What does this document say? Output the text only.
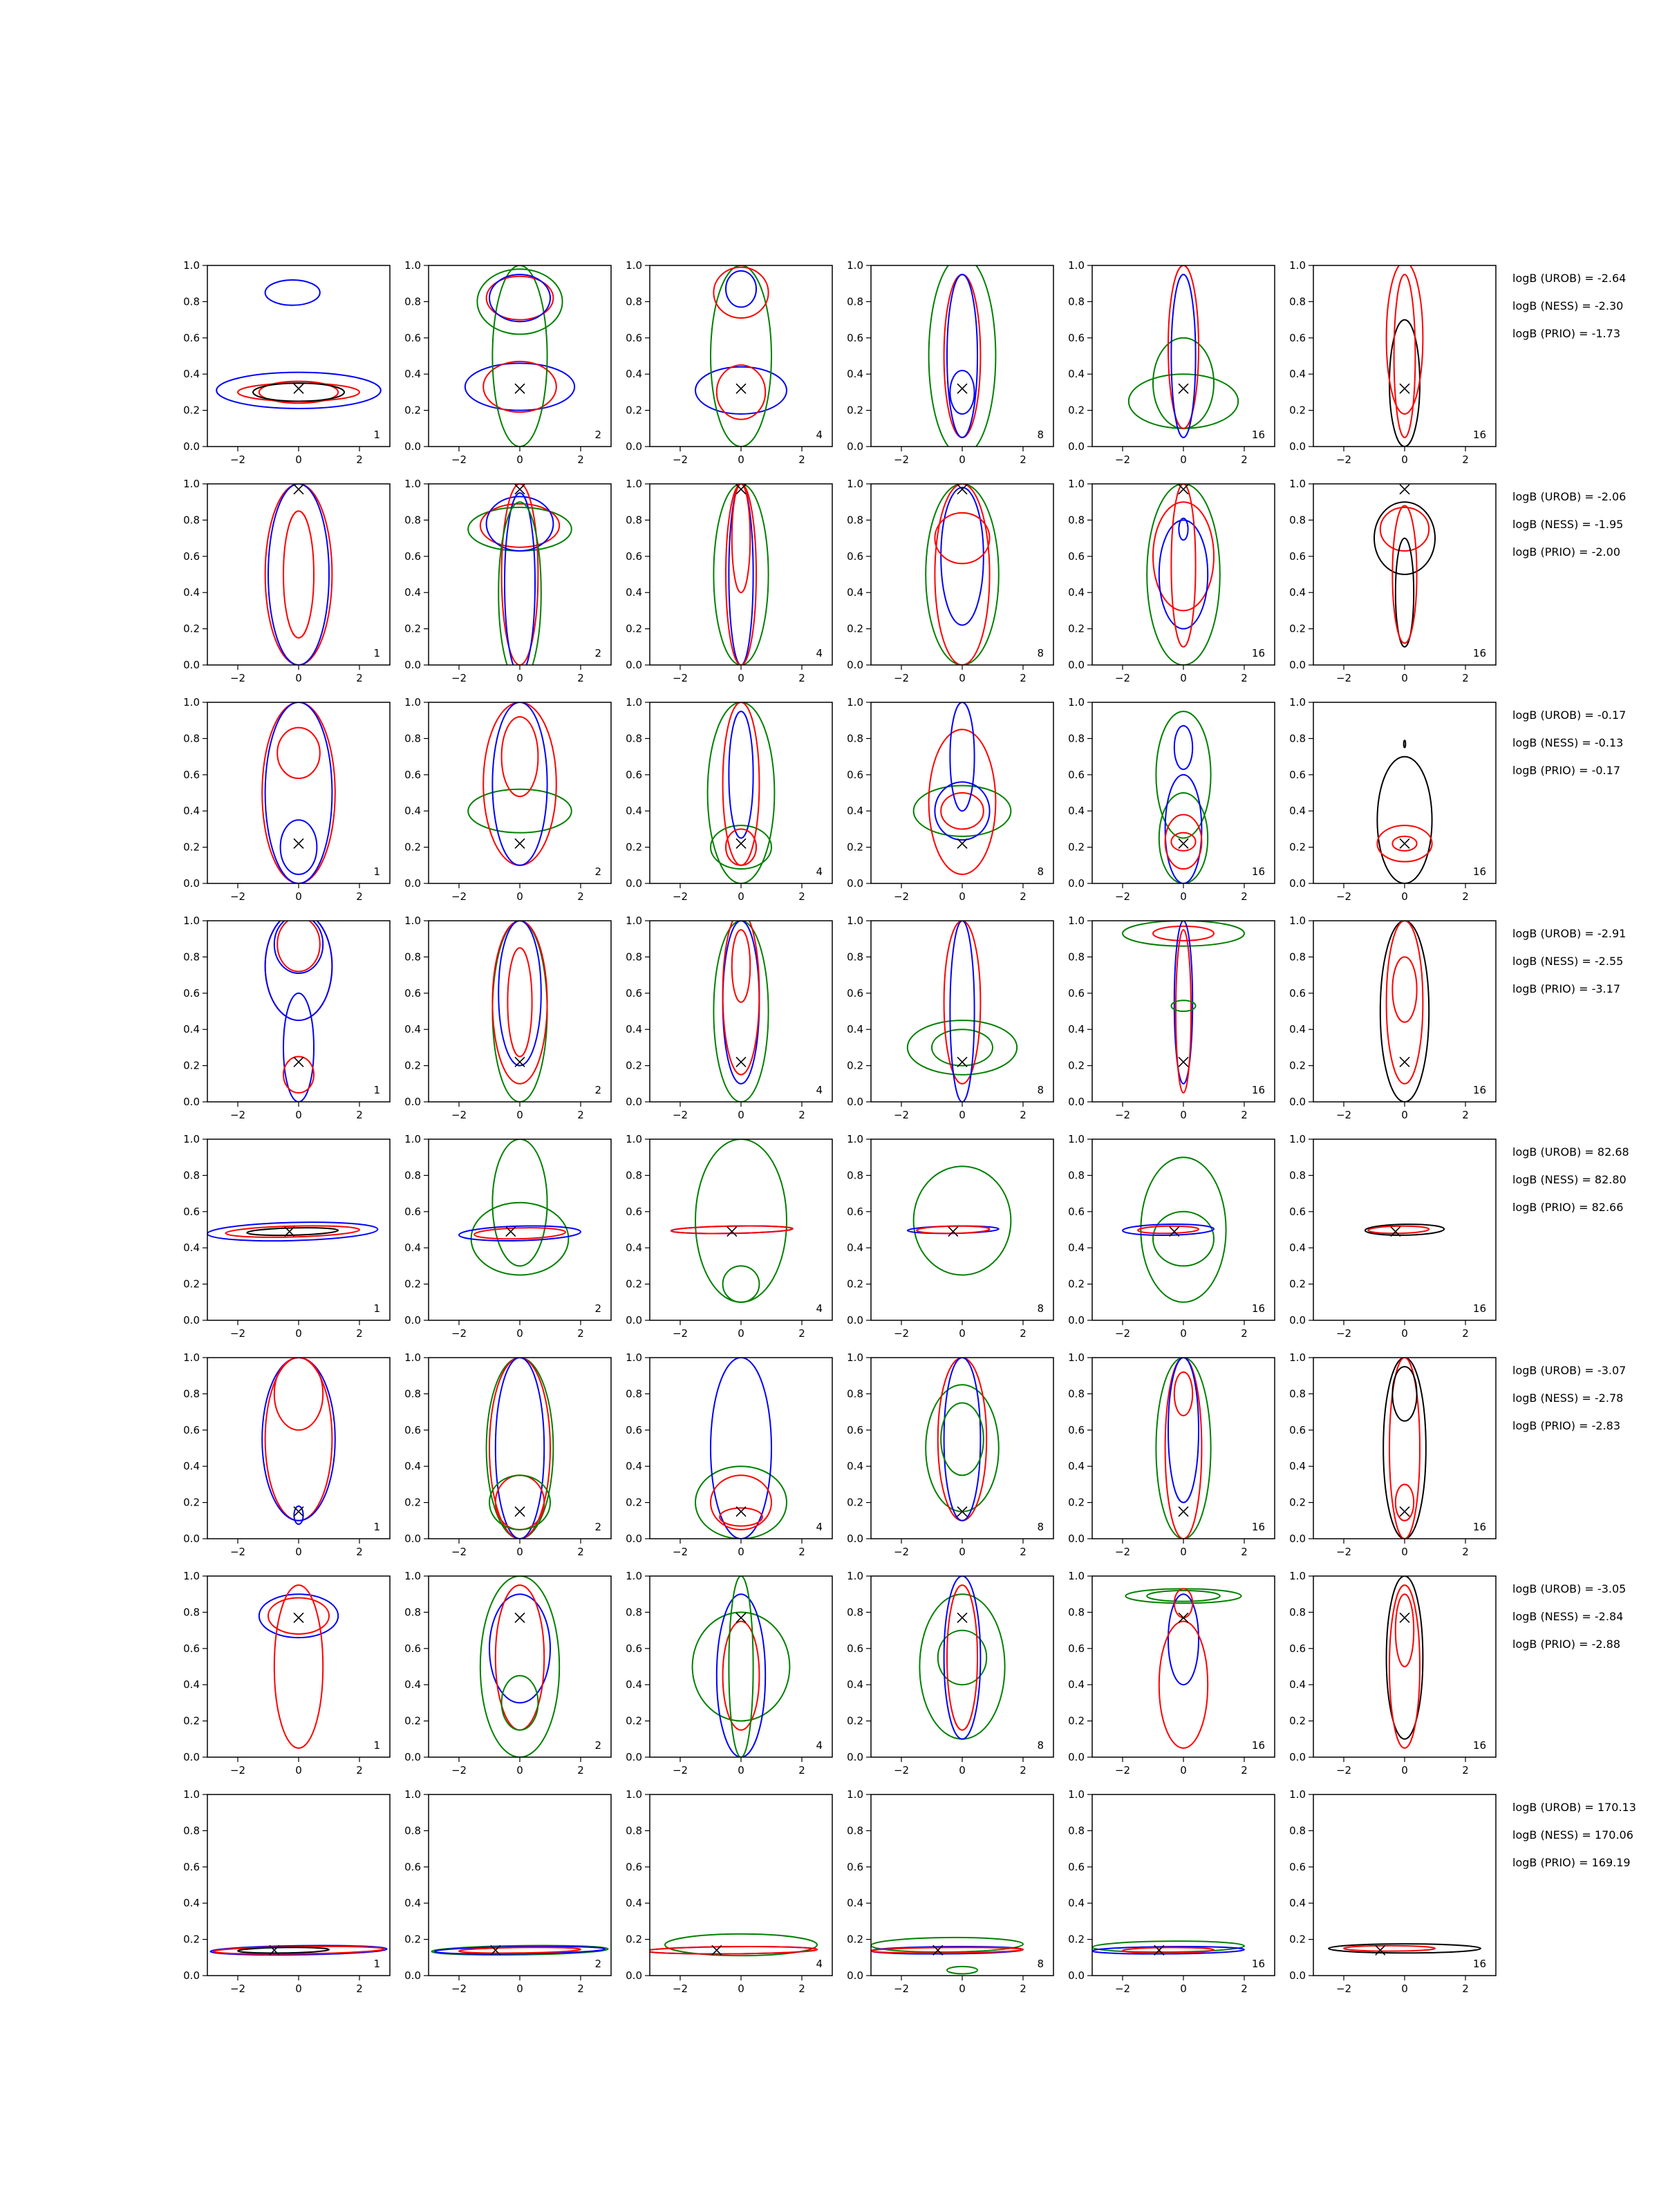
−2	0	2
0.0
0.2
0.4
0.6
0.8
1.0
1
−2	0	2
0.0
0.2
0.4
0.6
0.8
1.0
2
−2	0	2
0.0
0.2
0.4
0.6
0.8
1.0
4
−2	0	2
0.0
0.2
0.4
0.6
0.8
1.0
8
−2	0	2
0.0
0.2
0.4
0.6
0.8
1.0
16
−2	0	2
0.0
0.2
0.4
0.6
0.8
1.0
16
logB (UROB) = -2.64
logB (NESS) = -2.30
logB (PRIO) = -1.73
−2	0	2
0.0
0.2
0.4
0.6
0.8
1.0
1
−2	0	2
0.0
0.2
0.4
0.6
0.8
1.0
2
−2	0	2
0.0
0.2
0.4
0.6
0.8
1.0
4
−2	0	2
0.0
0.2
0.4
0.6
0.8
1.0
8
−2	0	2
0.0
0.2
0.4
0.6
0.8
1.0
16
−2	0	2
0.0
0.2
0.4
0.6
0.8
1.0
16
logB (UROB) = -2.06
logB (NESS) = -1.95
logB (PRIO) = -2.00
−2	0	2
0.0
0.2
0.4
0.6
0.8
1.0
1
−2	0	2
0.0
0.2
0.4
0.6
0.8
1.0
2
−2	0	2
0.0
0.2
0.4
0.6
0.8
1.0
4
−2	0	2
0.0
0.2
0.4
0.6
0.8
1.0
8
−2	0	2
0.0
0.2
0.4
0.6
0.8
1.0
16
−2	0	2
0.0
0.2
0.4
0.6
0.8
1.0
16
logB (UROB) = -0.17
logB (NESS) = -0.13
logB (PRIO) = -0.17
−2	0	2
0.0
0.2
0.4
0.6
0.8
1.0
1
−2	0	2
0.0
0.2
0.4
0.6
0.8
1.0
2
−2	0	2
0.0
0.2
0.4
0.6
0.8
1.0
4
−2	0	2
0.0
0.2
0.4
0.6
0.8
1.0
8
−2	0	2
0.0
0.2
0.4
0.6
0.8
1.0
16
−2	0	2
0.0
0.2
0.4
0.6
0.8
1.0
16
logB (UROB) = -2.91
logB (NESS) = -2.55
logB (PRIO) = -3.17
−2	0	2
0.0
0.2
0.4
0.6
0.8
1.0
1
−2	0	2
0.0
0.2
0.4
0.6
0.8
1.0
2
−2	0	2
0.0
0.2
0.4
0.6
0.8
1.0
4
−2	0	2
0.0
0.2
0.4
0.6
0.8
1.0
8
−2	0	2
0.0
0.2
0.4
0.6
0.8
1.0
16
−2	0	2
0.0
0.2
0.4
0.6
0.8
1.0
16
logB (UROB) = 82.68
logB (NESS) = 82.80
logB (PRIO) = 82.66
−2	0	2
0.0
0.2
0.4
0.6
0.8
1.0
1
−2	0	2
0.0
0.2
0.4
0.6
0.8
1.0
2
−2	0	2
0.0
0.2
0.4
0.6
0.8
1.0
4
−2	0	2
0.0
0.2
0.4
0.6
0.8
1.0
8
−2	0	2
0.0
0.2
0.4
0.6
0.8
1.0
16
−2	0	2
0.0
0.2
0.4
0.6
0.8
1.0
16
logB (UROB) = -3.07
logB (NESS) = -2.78
logB (PRIO) = -2.83
−2	0	2
0.0
0.2
0.4
0.6
0.8
1.0
1
−2	0	2
0.0
0.2
0.4
0.6
0.8
1.0
2
−2	0	2
0.0
0.2
0.4
0.6
0.8
1.0
4
−2	0	2
0.0
0.2
0.4
0.6
0.8
1.0
8
−2	0	2
0.0
0.2
0.4
0.6
0.8
1.0
16
−2	0	2
0.0
0.2
0.4
0.6
0.8
1.0
16
logB (UROB) = -3.05
logB (NESS) = -2.84
logB (PRIO) = -2.88
−2	0	2
0.0
0.2
0.4
0.6
0.8
1.0
1
−2	0	2
0.0
0.2
0.4
0.6
0.8
1.0
2
−2	0	2
0.0
0.2
0.4
0.6
0.8
1.0
4
−2	0	2
0.0
0.2
0.4
0.6
0.8
1.0
8
−2	0	2
0.0
0.2
0.4
0.6
0.8
1.0
16
−2	0	2
0.0
0.2
0.4
0.6
0.8
1.0
16
logB (UROB) = 170.13
logB (NESS) = 170.06
logB (PRIO) = 169.19
